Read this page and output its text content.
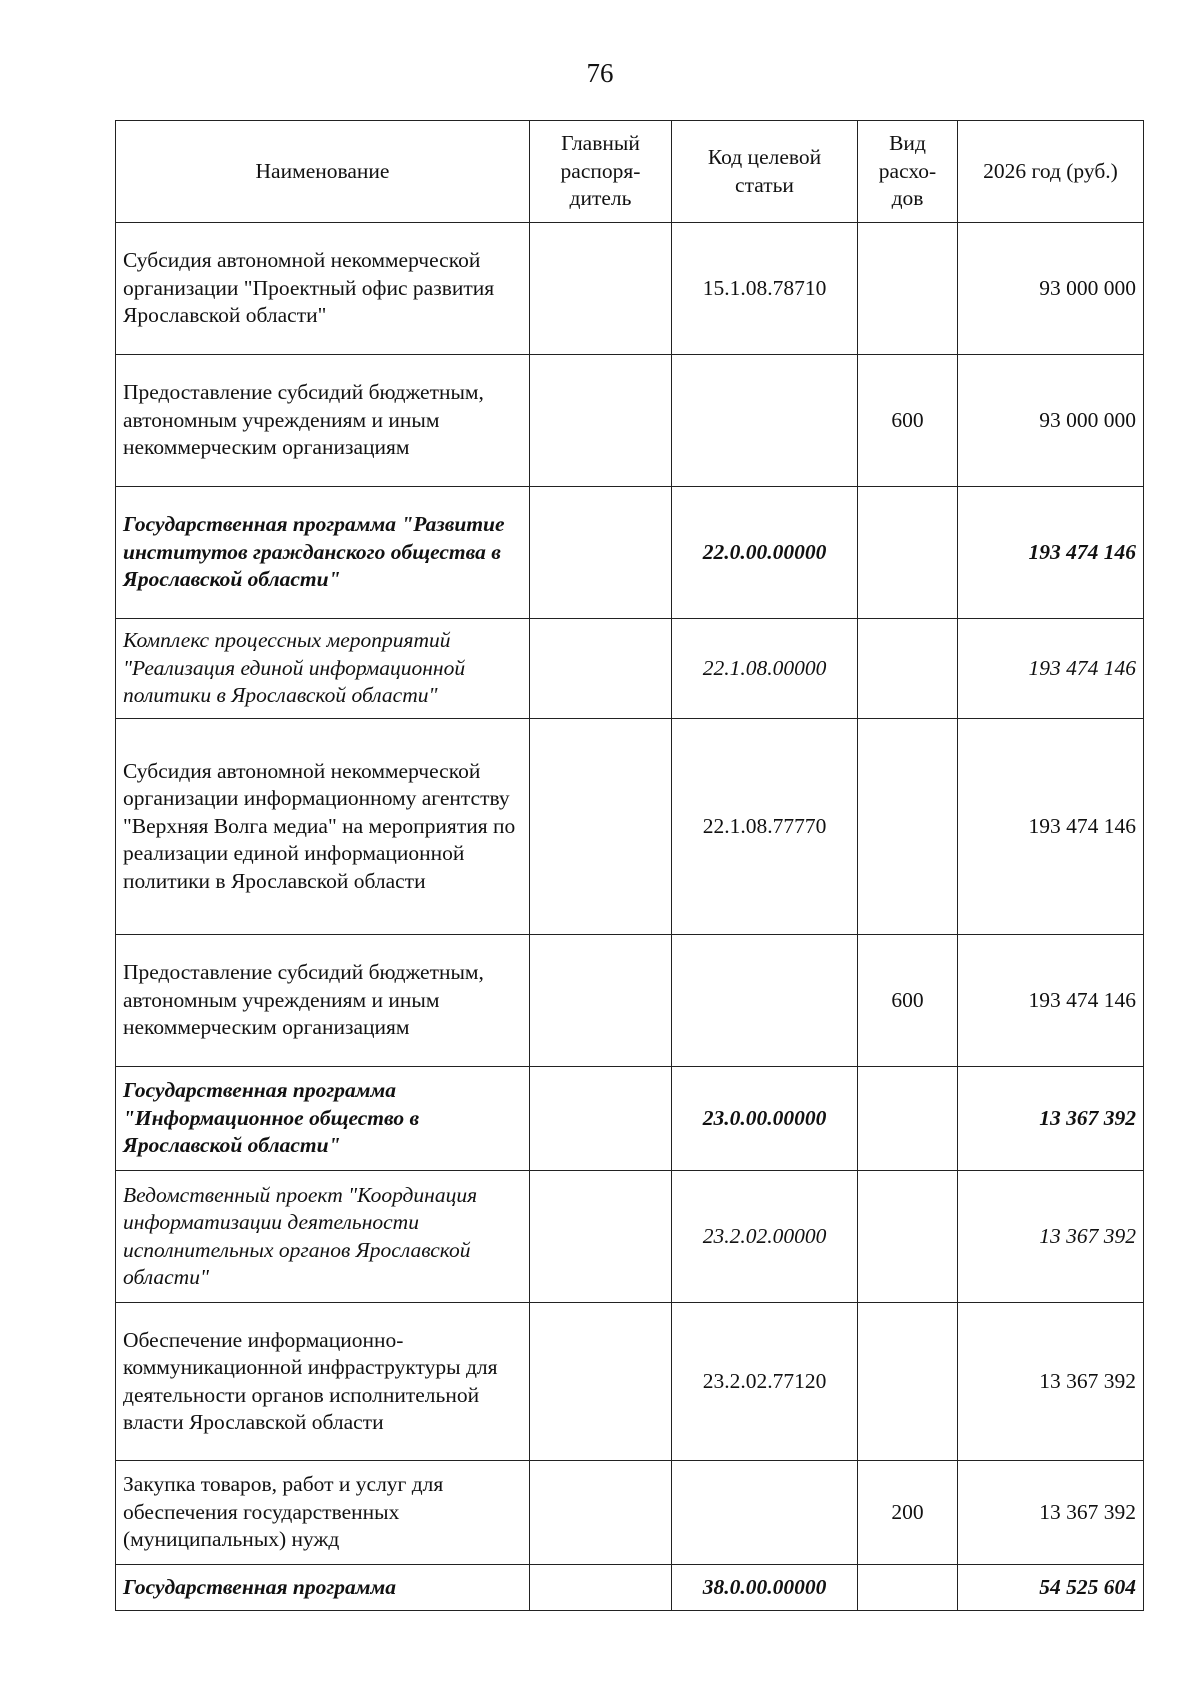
76
Наименование	Главный распоря-дитель	Код целевой статьи	Вид расхо-дов	2026 год (руб.)
Субсидия автономной некоммерческой организации "Проектный офис развития Ярославской области"		15.1.08.78710		93 000 000
Предоставление субсидий бюджетным, автономным учреждениям и иным некоммерческим организациям			600	93 000 000
Государственная программа "Развитие институтов гражданского общества в Ярославской области"		22.0.00.00000		193 474 146
Комплекс процессных мероприятий "Реализация единой информационной политики в Ярославской области"		22.1.08.00000		193 474 146
Субсидия автономной некоммерческой организации информационному агентству "Верхняя Волга медиа" на мероприятия по реализации единой информационной политики в Ярославской области		22.1.08.77770		193 474 146
Предоставление субсидий бюджетным, автономным учреждениям и иным некоммерческим организациям			600	193 474 146
Государственная программа "Информационное общество в Ярославской области"		23.0.00.00000		13 367 392
Ведомственный проект "Координация информатизации деятельности исполнительных органов Ярославской области"		23.2.02.00000		13 367 392
Обеспечение информационно-коммуникационной инфраструктуры для деятельности органов исполнительной власти Ярославской области		23.2.02.77120		13 367 392
Закупка товаров, работ и услуг для обеспечения государственных (муниципальных) нужд			200	13 367 392
Государственная программа		38.0.00.00000		54 525 604
